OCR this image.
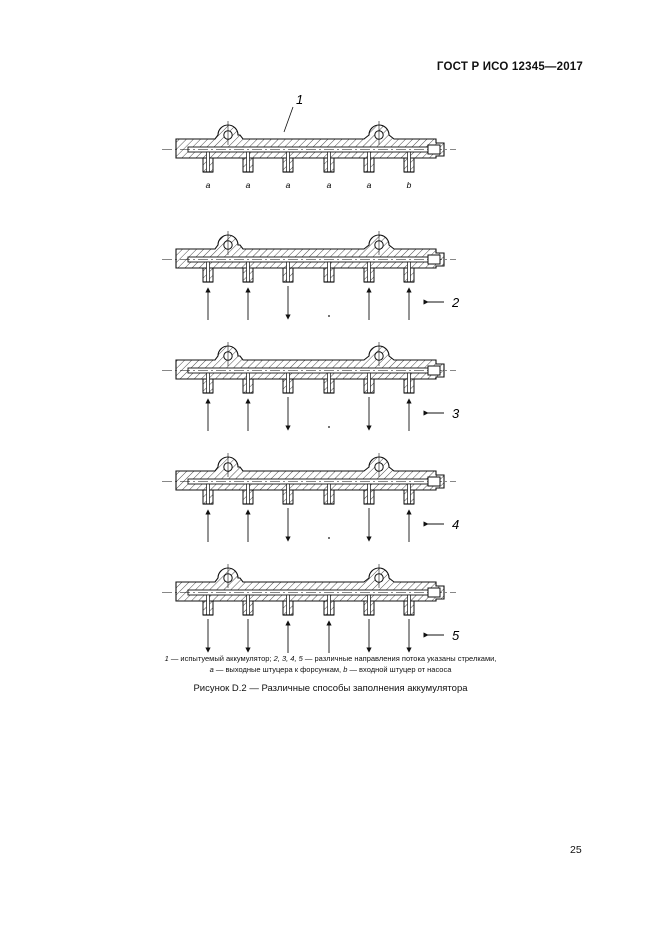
ГОСТ Р ИСО 12345—2017
1
a	a	a	a	a	b
2
3
4
5
1 — испытуемый аккумулятор; 2, 3, 4, 5 — различные направления потока указаны стрелками,
а — выходные штуцера к форсункам, b — входной штуцер от насоса
Рисунок D.2 — Различные способы заполнения аккумулятора
25
